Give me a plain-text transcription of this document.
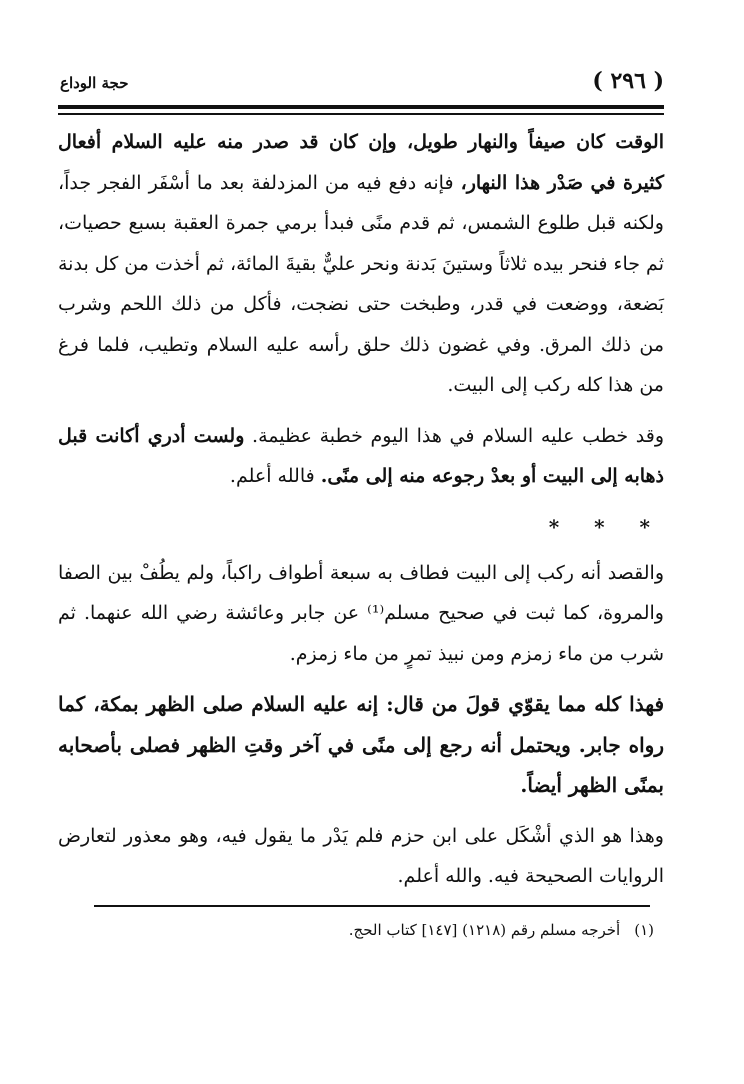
( ٢٩٦ )
حجة الوداع

الوقت كان صيفاً والنهار طويل، وإن كان قد صدر منه عليه السلام أفعال كثيرة في صَدْر هذا النهار، فإنه دفع فيه من المزدلفة بعد ما أسْفَر الفجر جداً، ولكنه قبل طلوع الشمس، ثم قدم منًى فبدأ برمي جمرة العقبة بسبع حصيات، ثم جاء فنحر بيده ثلاثاً وستينَ بَدنة ونحر عليٌّ بقيةَ المائة، ثم أخذت من كل بدنة بَضعة، ووضعت في قدر، وطبخت حتى نضجت، فأكل من ذلك اللحم وشرب من ذلك المرق. وفي غضون ذلك حلق رأسه عليه السلام وتطيب، فلما فرغ من هذا كله ركب إلى البيت.

وقد خطب عليه السلام في هذا اليوم خطبة عظيمة. ولست أدري أكانت قبل ذهابه إلى البيت أو بعدْ رجوعه منه إلى منًى. فالله أعلم.

* * *

والقصد أنه ركب إلى البيت فطاف به سبعة أطواف راكباً، ولم يطُفْ بين الصفا والمروة، كما ثبت في صحيح مسلم⁽¹⁾ عن جابر وعائشة رضي الله عنهما. ثم شرب من ماء زمزم ومن نبيذ تمرٍ من ماء زمزم.

فهذا كله مما يقوّي قولَ من قال: إنه عليه السلام صلى الظهر بمكة، كما رواه جابر. ويحتمل أنه رجع إلى منًى في آخر وقتِ الظهر فصلى بأصحابه بمنًى الظهر أيضاً.

وهذا هو الذي أشْكَل على ابن حزم فلم يَدْر ما يقول فيه، وهو معذور لتعارض الروايات الصحيحة فيه. والله أعلم.

(١)أخرجه مسلم رقم (١٢١٨) [١٤٧] كتاب الحج.
